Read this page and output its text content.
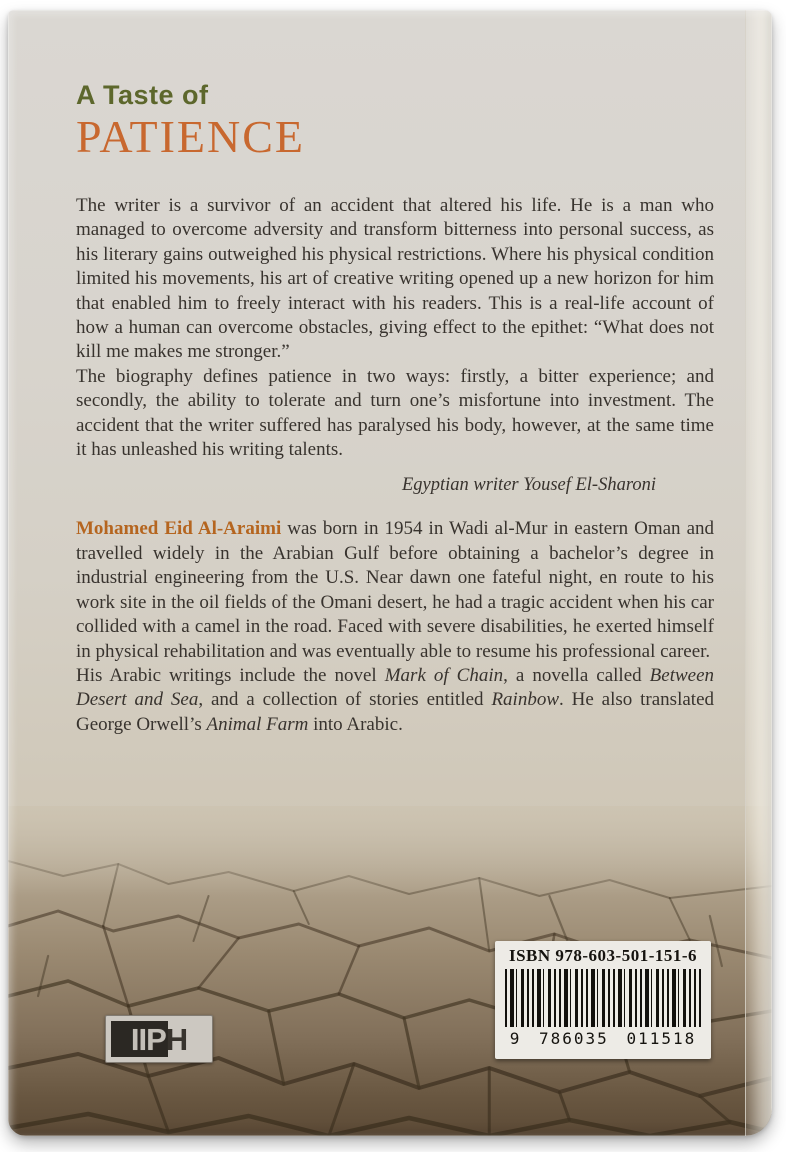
A Taste of
PATIENCE

The writer is a survivor of an accident that altered his life. He is a man who managed to overcome adversity and transform bitterness into personal success, as his literary gains outweighed his physical restrictions. Where his physical condition limited his movements, his art of creative writing opened up a new horizon for him that enabled him to freely interact with his readers. This is a real-life account of how a human can overcome obstacles, giving effect to the epithet: “What does not kill me makes me stronger.”

The biography defines patience in two ways: firstly, a bitter experience; and secondly, the ability to tolerate and turn one’s misfortune into investment. The accident that the writer suffered has paralysed his body, however, at the same time it has unleashed his writing talents.

Egyptian writer Yousef El-Sharoni

Mohamed Eid Al-Araimi was born in 1954 in Wadi al-Mur in eastern Oman and travelled widely in the Arabian Gulf before obtaining a bachelor’s degree in industrial engineering from the U.S. Near dawn one fateful night, en route to his work site in the oil fields of the Omani desert, he had a tragic accident when his car collided with a camel in the road. Faced with severe disabilities, he exerted himself in physical rehabilitation and was eventually able to resume his professional career.

His Arabic writings include the novel Mark of Chain, a novella called Between Desert and Sea, and a collection of stories entitled Rainbow. He also translated George Orwell’s Animal Farm into Arabic.

I I P H
ISBN 978-603-501-151-6
9 786035 011518
